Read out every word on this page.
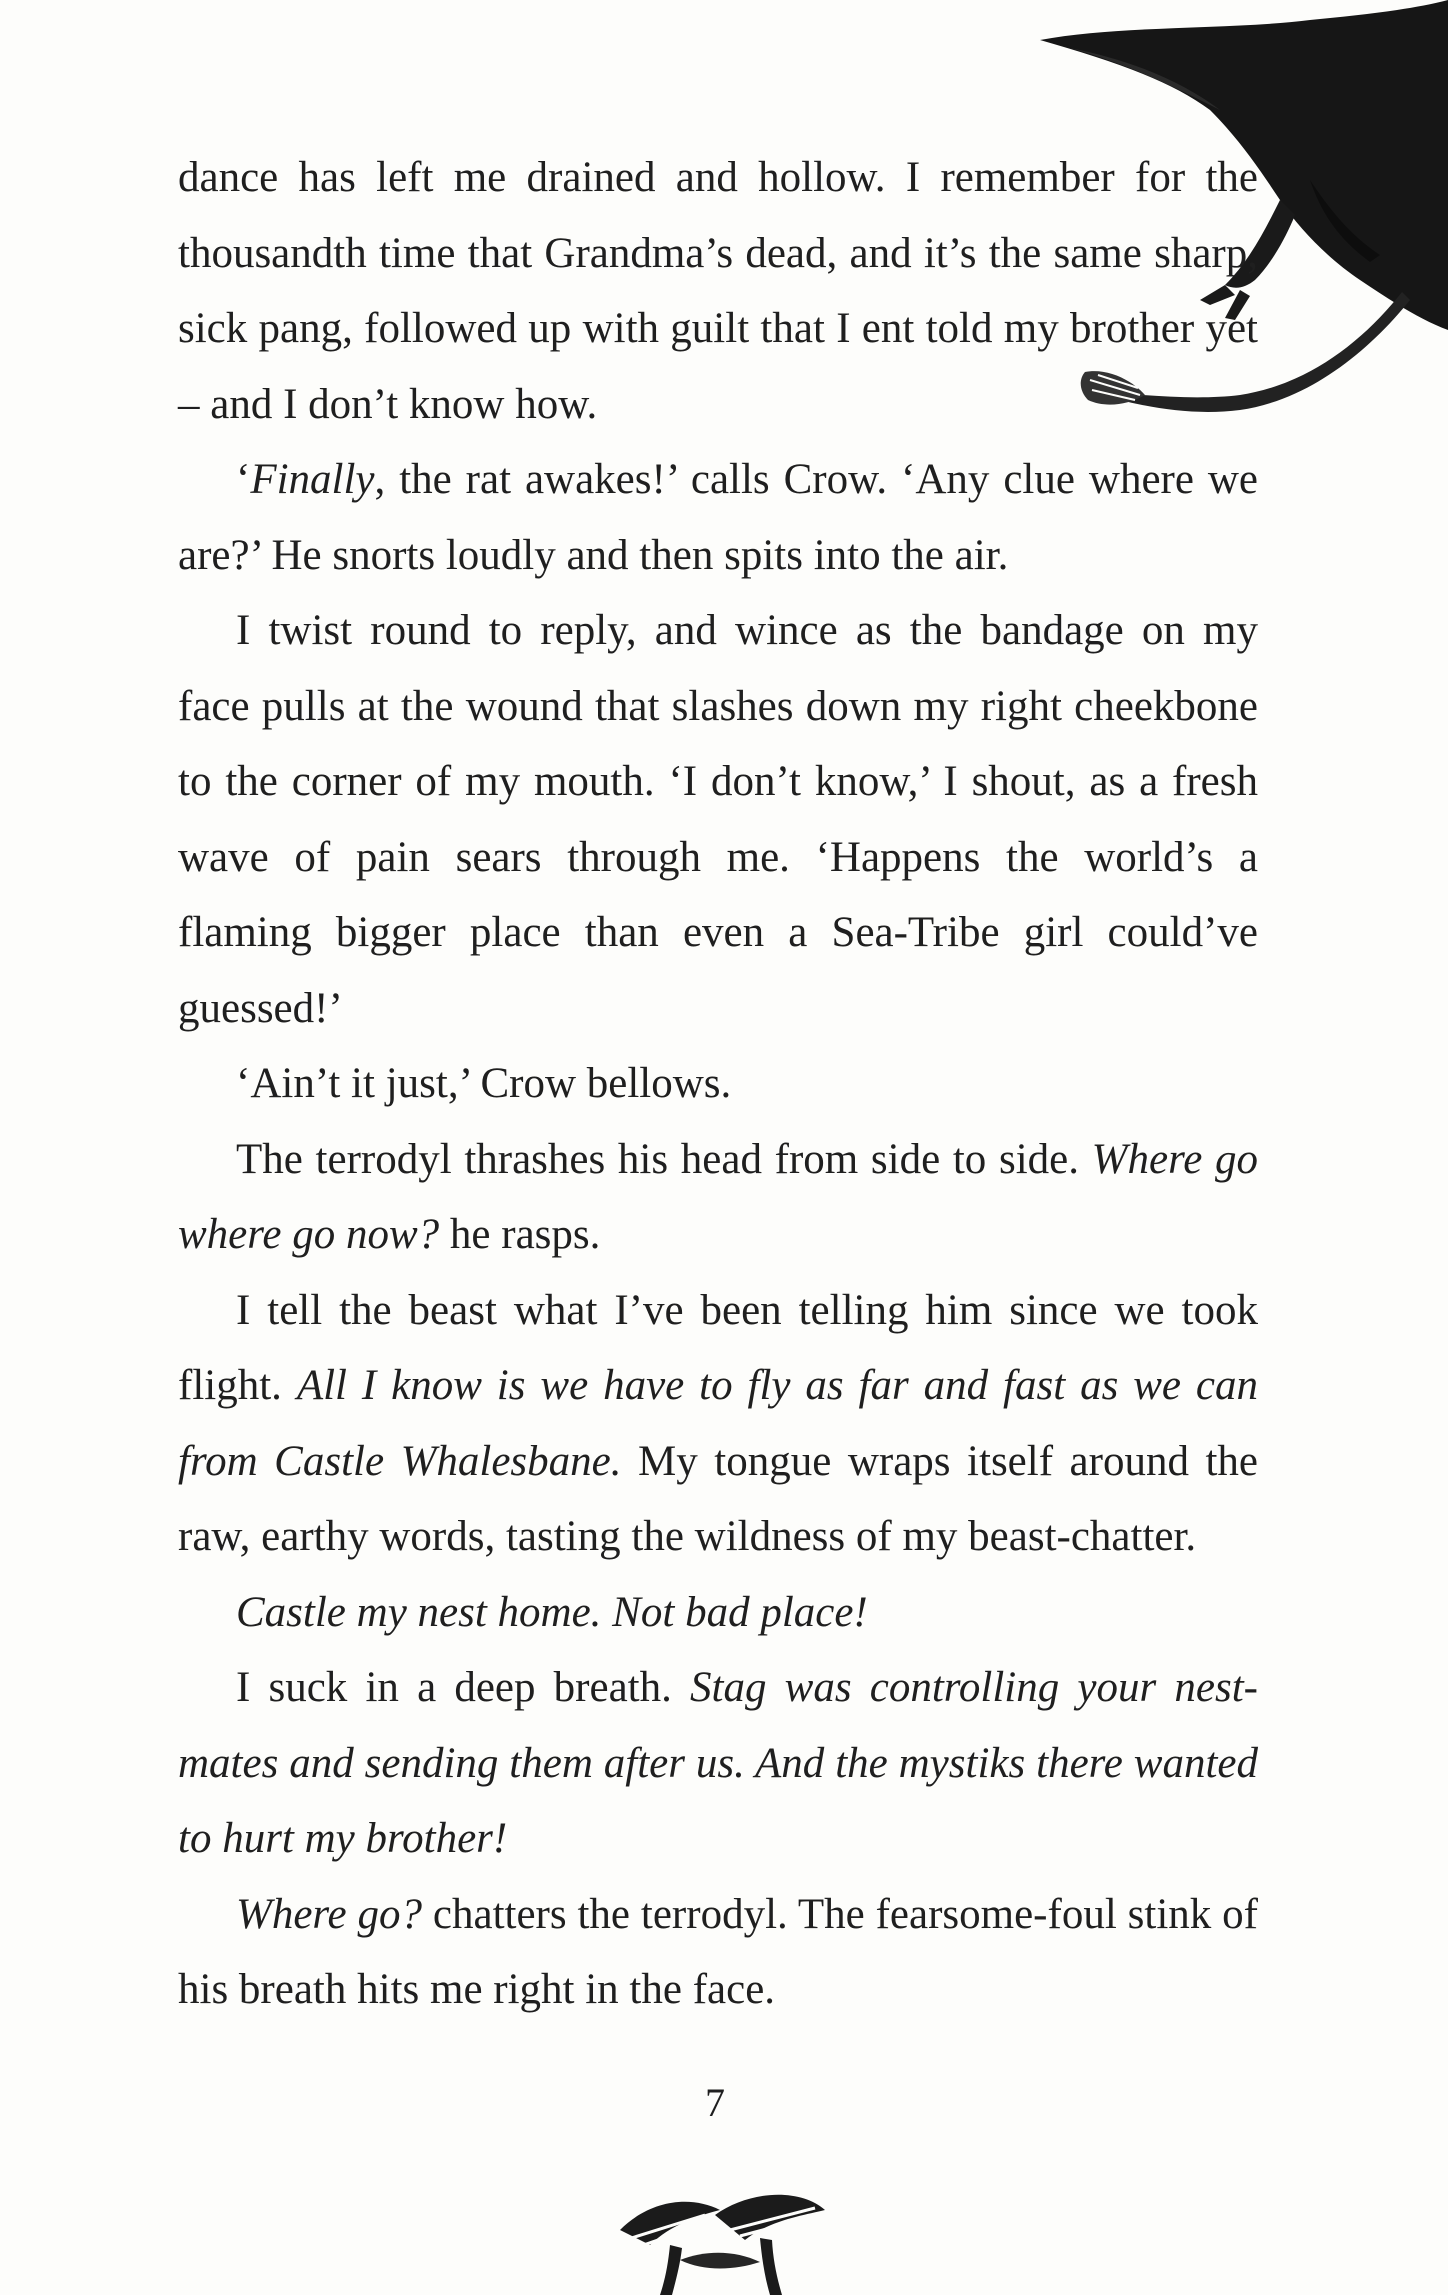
dance has left me drained and hollow. I remember for the thousandth time that Grandma’s dead, and it’s the same sharp, sick pang, followed up with guilt that I ent told my brother yet – and I don’t know how.

‘Finally, the rat awakes!’ calls Crow. ‘Any clue where we are?’ He snorts loudly and then spits into the air.

I twist round to reply, and wince as the bandage on my face pulls at the wound that slashes down my right cheekbone to the corner of my mouth. ‘I don’t know,’ I shout, as a fresh wave of pain sears through me. ‘Happens the world’s a flaming bigger place than even a Sea-Tribe girl could’ve guessed!’

‘Ain’t it just,’ Crow bellows.

The terrodyl thrashes his head from side to side. Where go where go now? he rasps.

I tell the beast what I’ve been telling him since we took flight. All I know is we have to fly as far and fast as we can from Castle Whalesbane. My tongue wraps itself around the raw, earthy words, tasting the wildness of my beast-chatter.

Castle my nest home. Not bad place!

I suck in a deep breath. Stag was controlling your nest-mates and sending them after us. And the mystiks there wanted to hurt my brother!

Where go? chatters the terrodyl. The fearsome-foul stink of his breath hits me right in the face.

7
